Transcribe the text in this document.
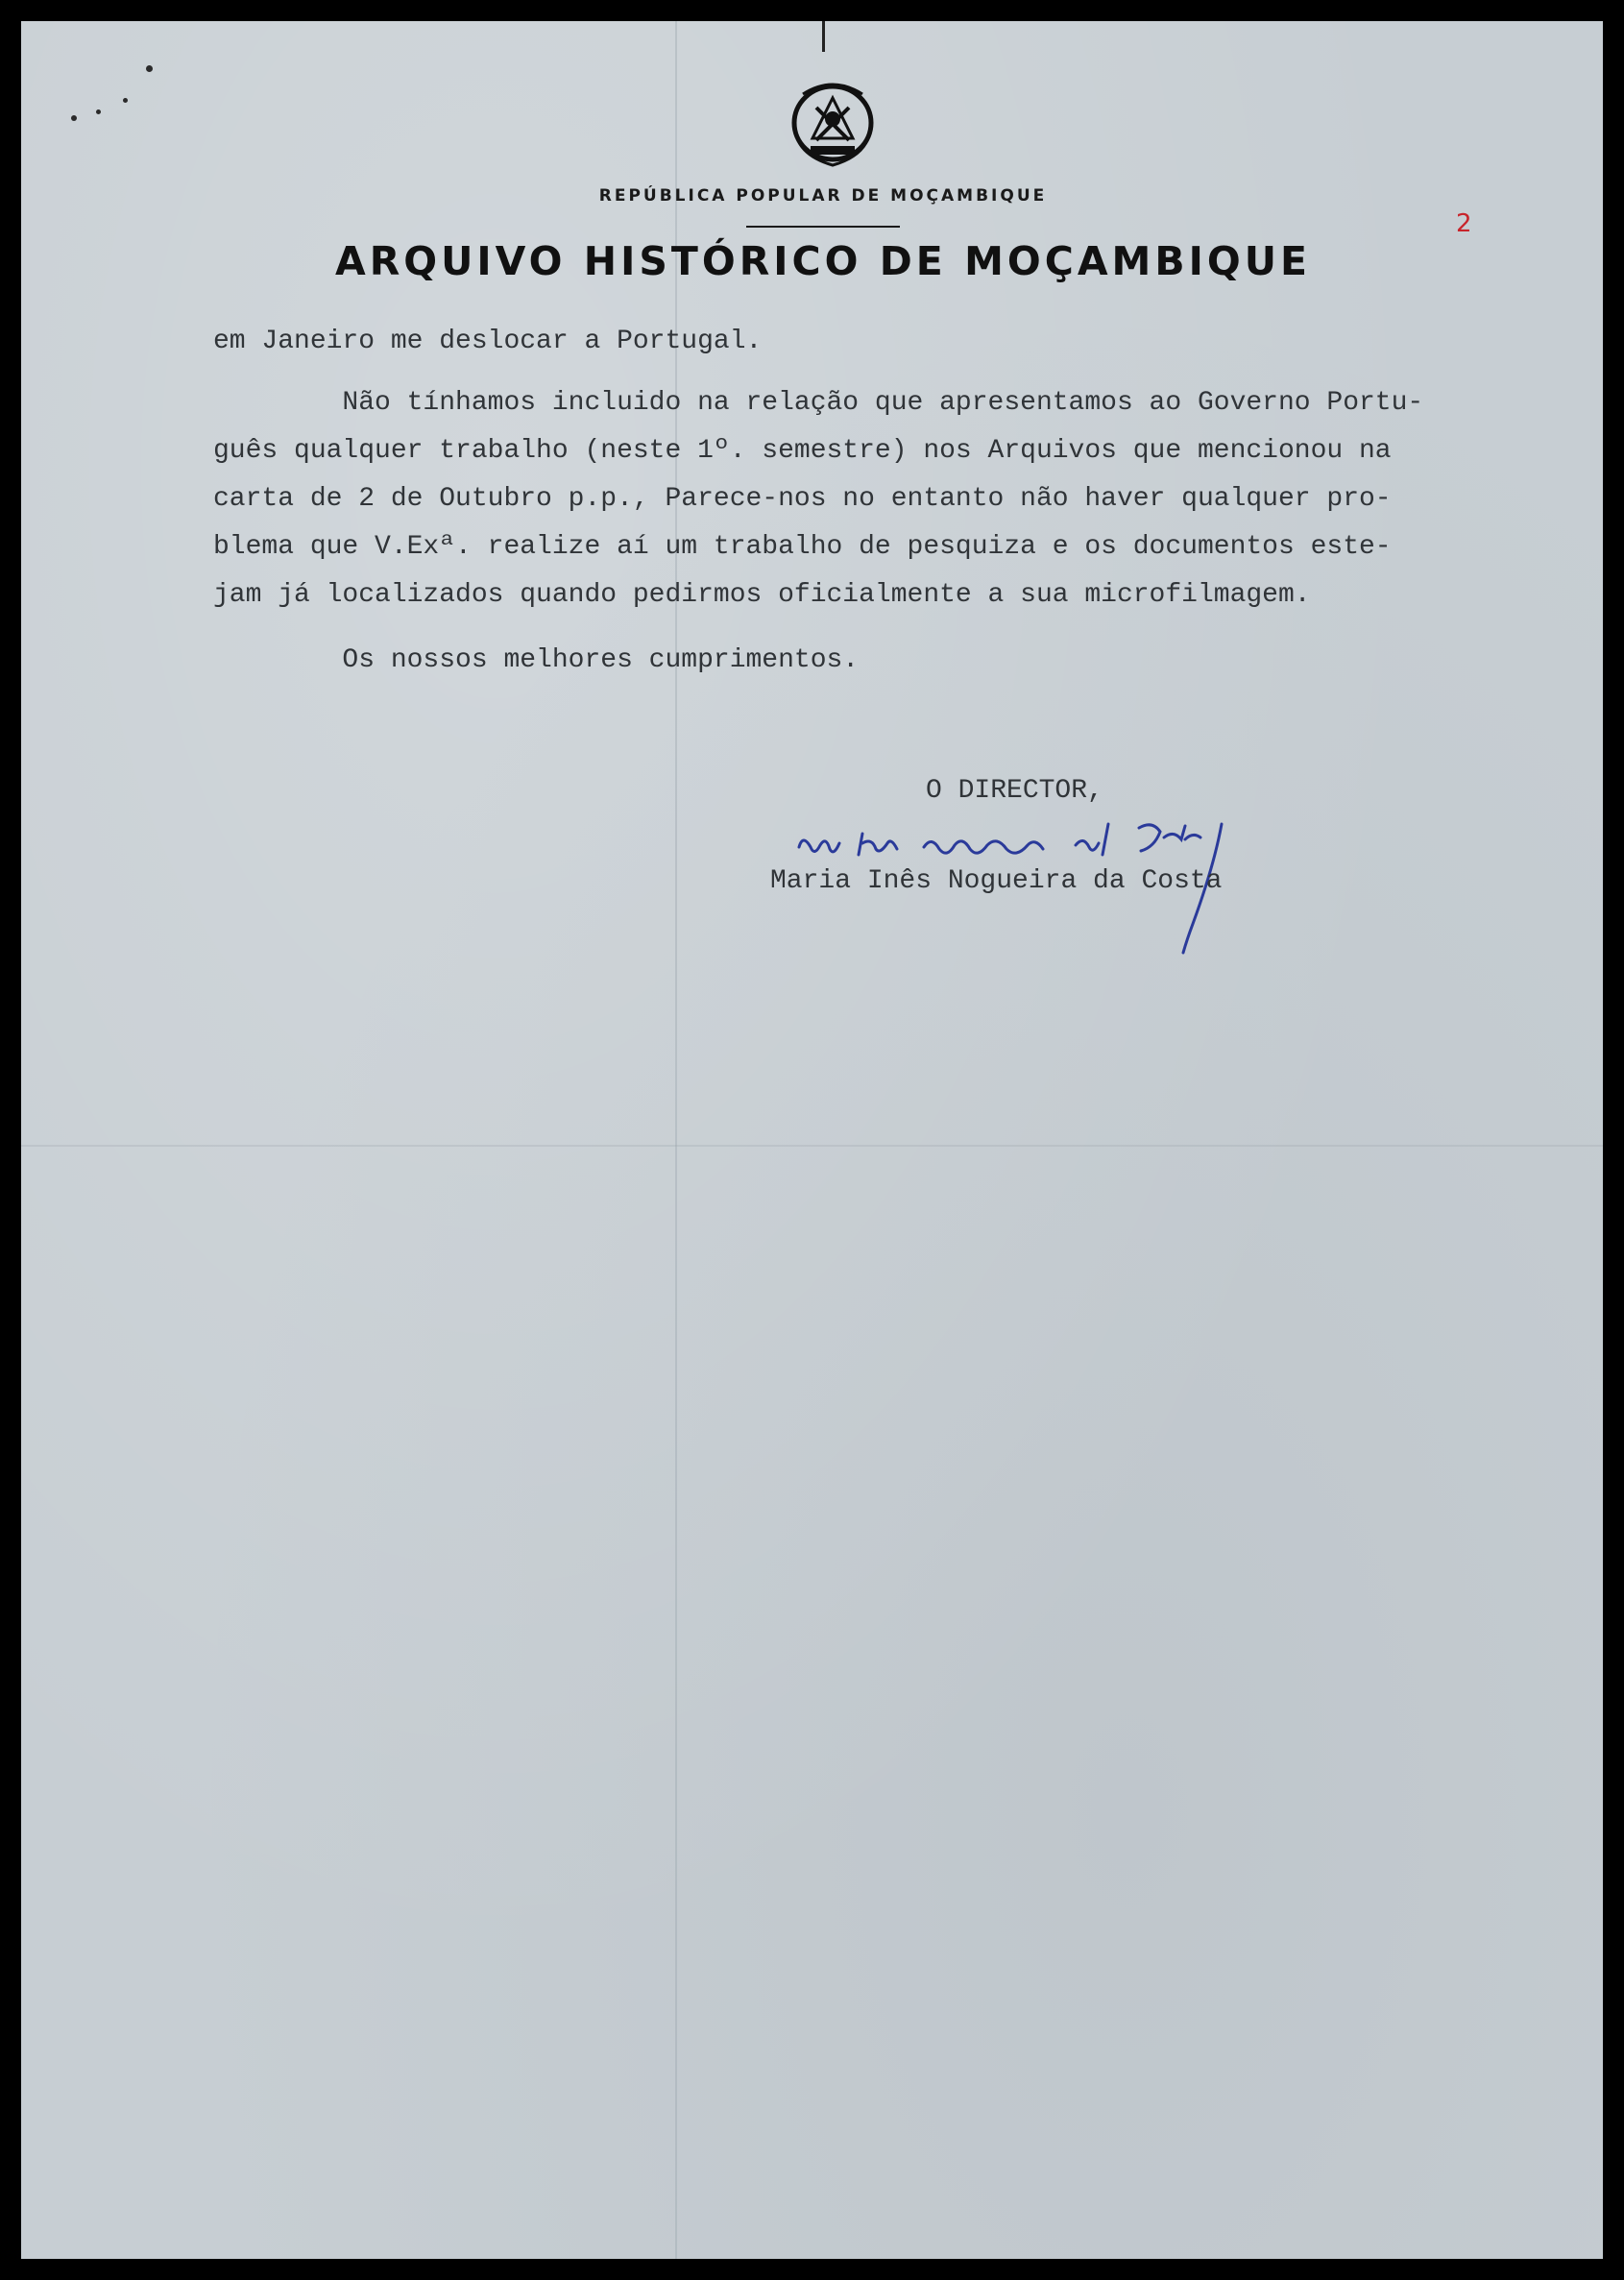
REPÚBLICA POPULAR DE MOÇAMBIQUE
ARQUIVO HISTÓRICO DE MOÇAMBIQUE
2
em Janeiro me deslocar a Portugal.
Não tínhamos incluido na relação que apresentamos ao Governo Portu-
guês qualquer trabalho (neste 1º. semestre) nos Arquivos que mencionou na
carta de 2 de Outubro p.p., Parece-nos no entanto não haver qualquer pro-
blema que V.Exª. realize aí um trabalho de pesquiza e os documentos este-
jam já localizados quando pedirmos oficialmente a sua microfilmagem.
Os nossos melhores cumprimentos.
O DIRECTOR,
Maria Inês Nogueira da Costa
